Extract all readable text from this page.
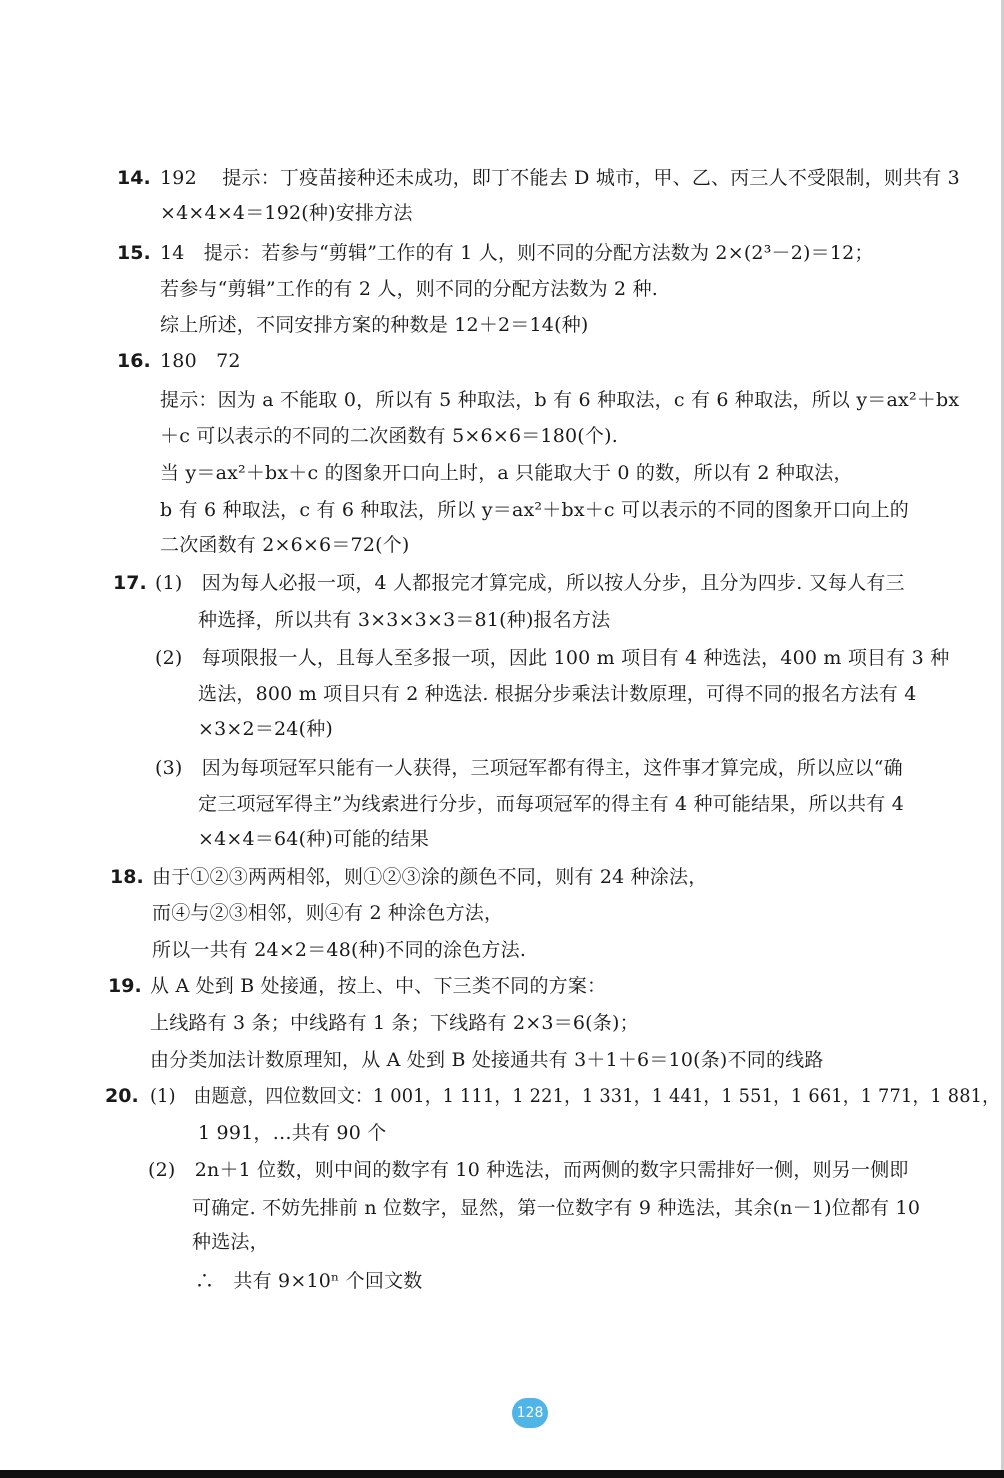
14. 192　 提示：丁疫苗接种还未成功，即丁不能去 D 城市，甲、乙、丙三人不受限制，则共有 3
×4×4×4＝192(种)安排方法
15. 14　提示：若参与“剪辑”工作的有 1 人，则不同的分配方法数为 2×(2³－2)＝12；
若参与“剪辑”工作的有 2 人，则不同的分配方法数为 2 种.
综上所述，不同安排方案的种数是 12＋2＝14(种)
16. 180　72
提示：因为 a 不能取 0，所以有 5 种取法，b 有 6 种取法，c 有 6 种取法，所以 y＝ax²＋bx
＋c 可以表示的不同的二次函数有 5×6×6＝180(个).
当 y＝ax²＋bx＋c 的图象开口向上时，a 只能取大于 0 的数，所以有 2 种取法，
b 有 6 种取法，c 有 6 种取法，所以 y＝ax²＋bx＋c 可以表示的不同的图象开口向上的
二次函数有 2×6×6＝72(个)
17. (1)　因为每人必报一项，4 人都报完才算完成，所以按人分步，且分为四步. 又每人有三
种选择，所以共有 3×3×3×3＝81(种)报名方法
(2)　每项限报一人，且每人至多报一项，因此 100 m 项目有 4 种选法，400 m 项目有 3 种
选法，800 m 项目只有 2 种选法. 根据分步乘法计数原理，可得不同的报名方法有 4
×3×2＝24(种)
(3)　因为每项冠军只能有一人获得，三项冠军都有得主，这件事才算完成，所以应以“确
定三项冠军得主”为线索进行分步，而每项冠军的得主有 4 种可能结果，所以共有 4
×4×4＝64(种)可能的结果
18. 由于①②③两两相邻，则①②③涂的颜色不同，则有 24 种涂法，
而④与②③相邻，则④有 2 种涂色方法，
所以一共有 24×2＝48(种)不同的涂色方法.
19. 从 A 处到 B 处接通，按上、中、下三类不同的方案：
上线路有 3 条；中线路有 1 条；下线路有 2×3＝6(条)；
由分类加法计数原理知，从 A 处到 B 处接通共有 3＋1＋6＝10(条)不同的线路
20. (1)　由题意，四位数回文：1 001，1 111，1 221，1 331，1 441，1 551，1 661，1 771，1 881，
1 991，…共有 90 个
(2)　2n＋1 位数，则中间的数字有 10 种选法，而两侧的数字只需排好一侧，则另一侧即
可确定. 不妨先排前 n 位数字，显然，第一位数字有 9 种选法，其余(n－1)位都有 10
种选法，
∴　共有 9×10ⁿ 个回文数
128
